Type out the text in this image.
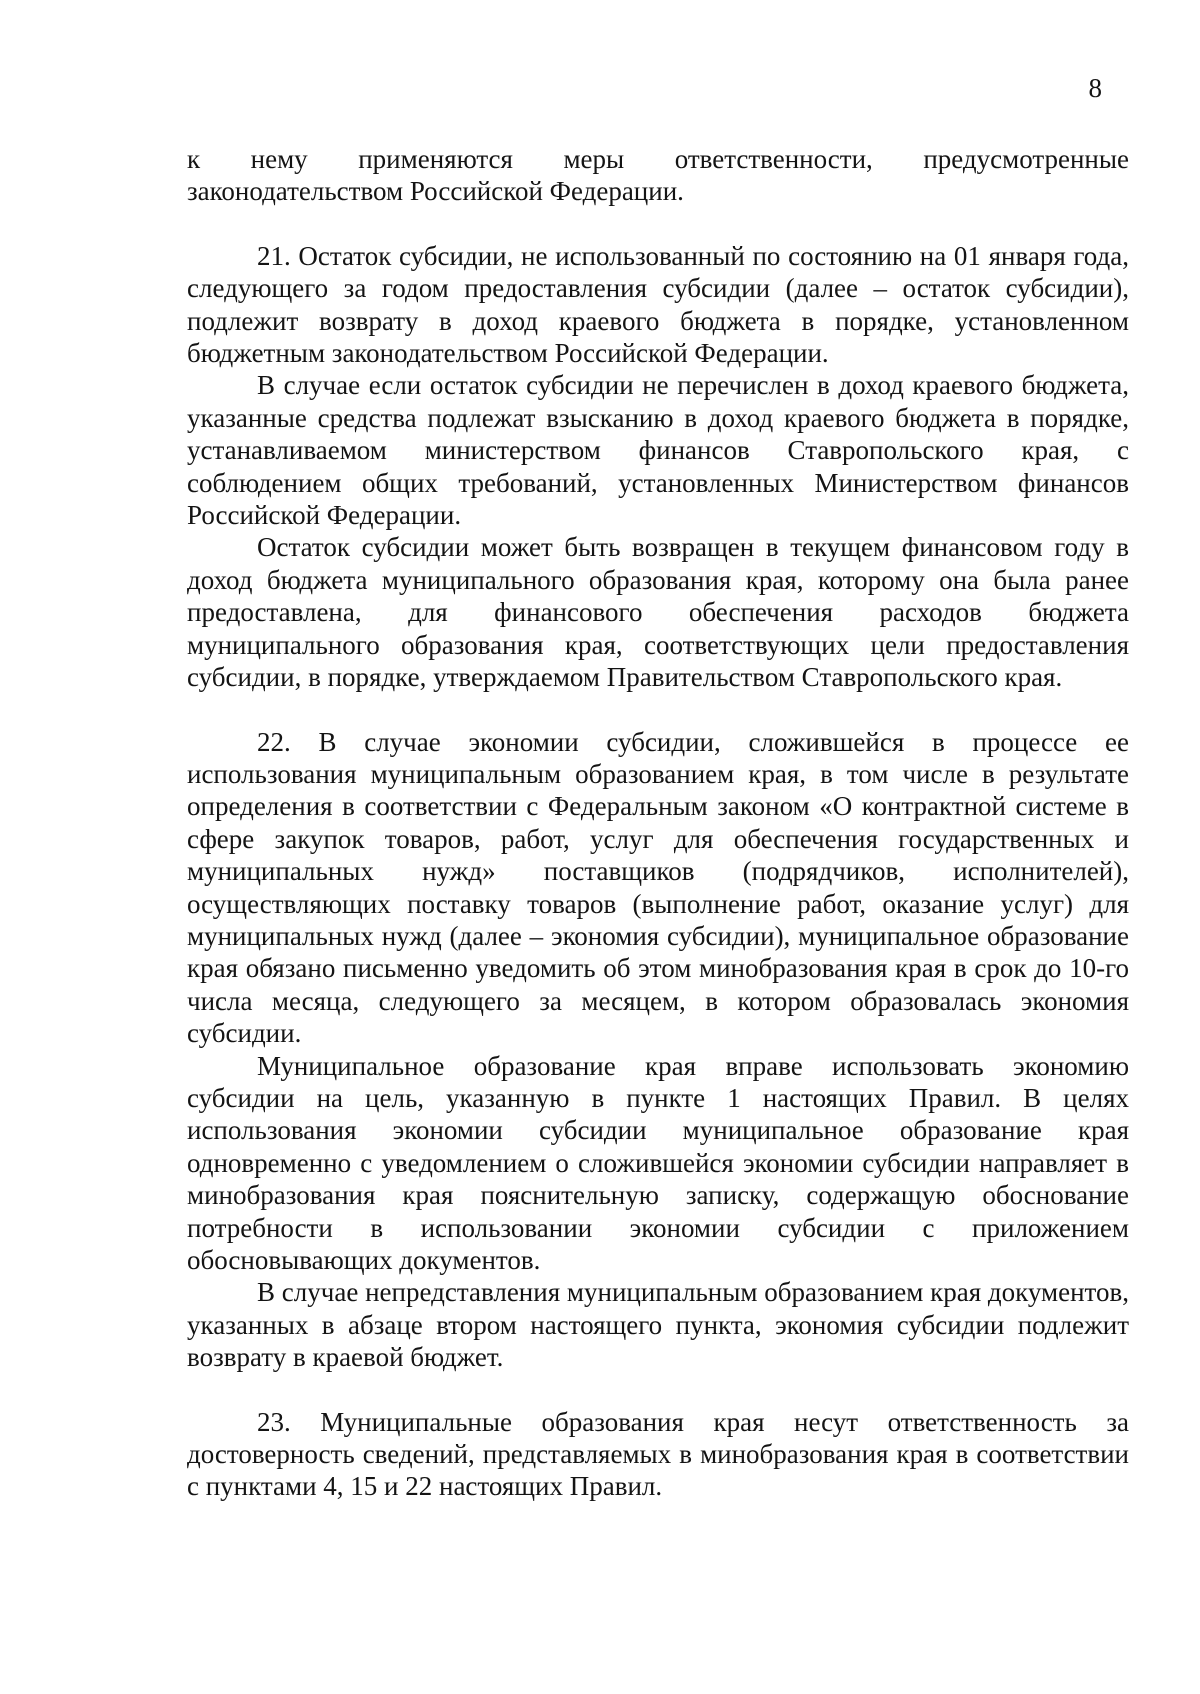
8

к нему применяются меры ответственности, предусмотренные законодательством Российской Федерации.

21. Остаток субсидии, не использованный по состоянию на 01 января года, следующего за годом предоставления субсидии (далее – остаток субсидии), подлежит возврату в доход краевого бюджета в порядке, установленном бюджетным законодательством Российской Федерации.

В случае если остаток субсидии не перечислен в доход краевого бюджета, указанные средства подлежат взысканию в доход краевого бюджета в порядке, устанавливаемом министерством финансов Ставропольского края, с соблюдением общих требований, установленных Министерством финансов Российской Федерации.

Остаток субсидии может быть возвращен в текущем финансовом году в доход бюджета муниципального образования края, которому она была ранее предоставлена, для финансового обеспечения расходов бюджета муниципального образования края, соответствующих цели предоставления субсидии, в порядке, утверждаемом Правительством Ставропольского края.

22. В случае экономии субсидии, сложившейся в процессе ее использования муниципальным образованием края, в том числе в результате определения в соответствии с Федеральным законом «О контрактной системе в сфере закупок товаров, работ, услуг для обеспечения государственных и муниципальных нужд» поставщиков (подрядчиков, исполнителей), осуществляющих поставку товаров (выполнение работ, оказание услуг) для муниципальных нужд (далее – экономия субсидии), муниципальное образование края обязано письменно уведомить об этом минобразования края в срок до 10-го числа месяца, следующего за месяцем, в котором образовалась экономия субсидии.

Муниципальное образование края вправе использовать экономию субсидии на цель, указанную в пункте 1 настоящих Правил. В целях использования экономии субсидии муниципальное образование края одновременно с уведомлением о сложившейся экономии субсидии направляет в минобразования края пояснительную записку, содержащую обоснование потребности в использовании экономии субсидии с приложением обосновывающих документов.

В случае непредставления муниципальным образованием края документов, указанных в абзаце втором настоящего пункта, экономия субсидии подлежит возврату в краевой бюджет.

23. Муниципальные образования края несут ответственность за достоверность сведений, представляемых в минобразования края в соответствии с пунктами 4, 15 и 22 настоящих Правил.
